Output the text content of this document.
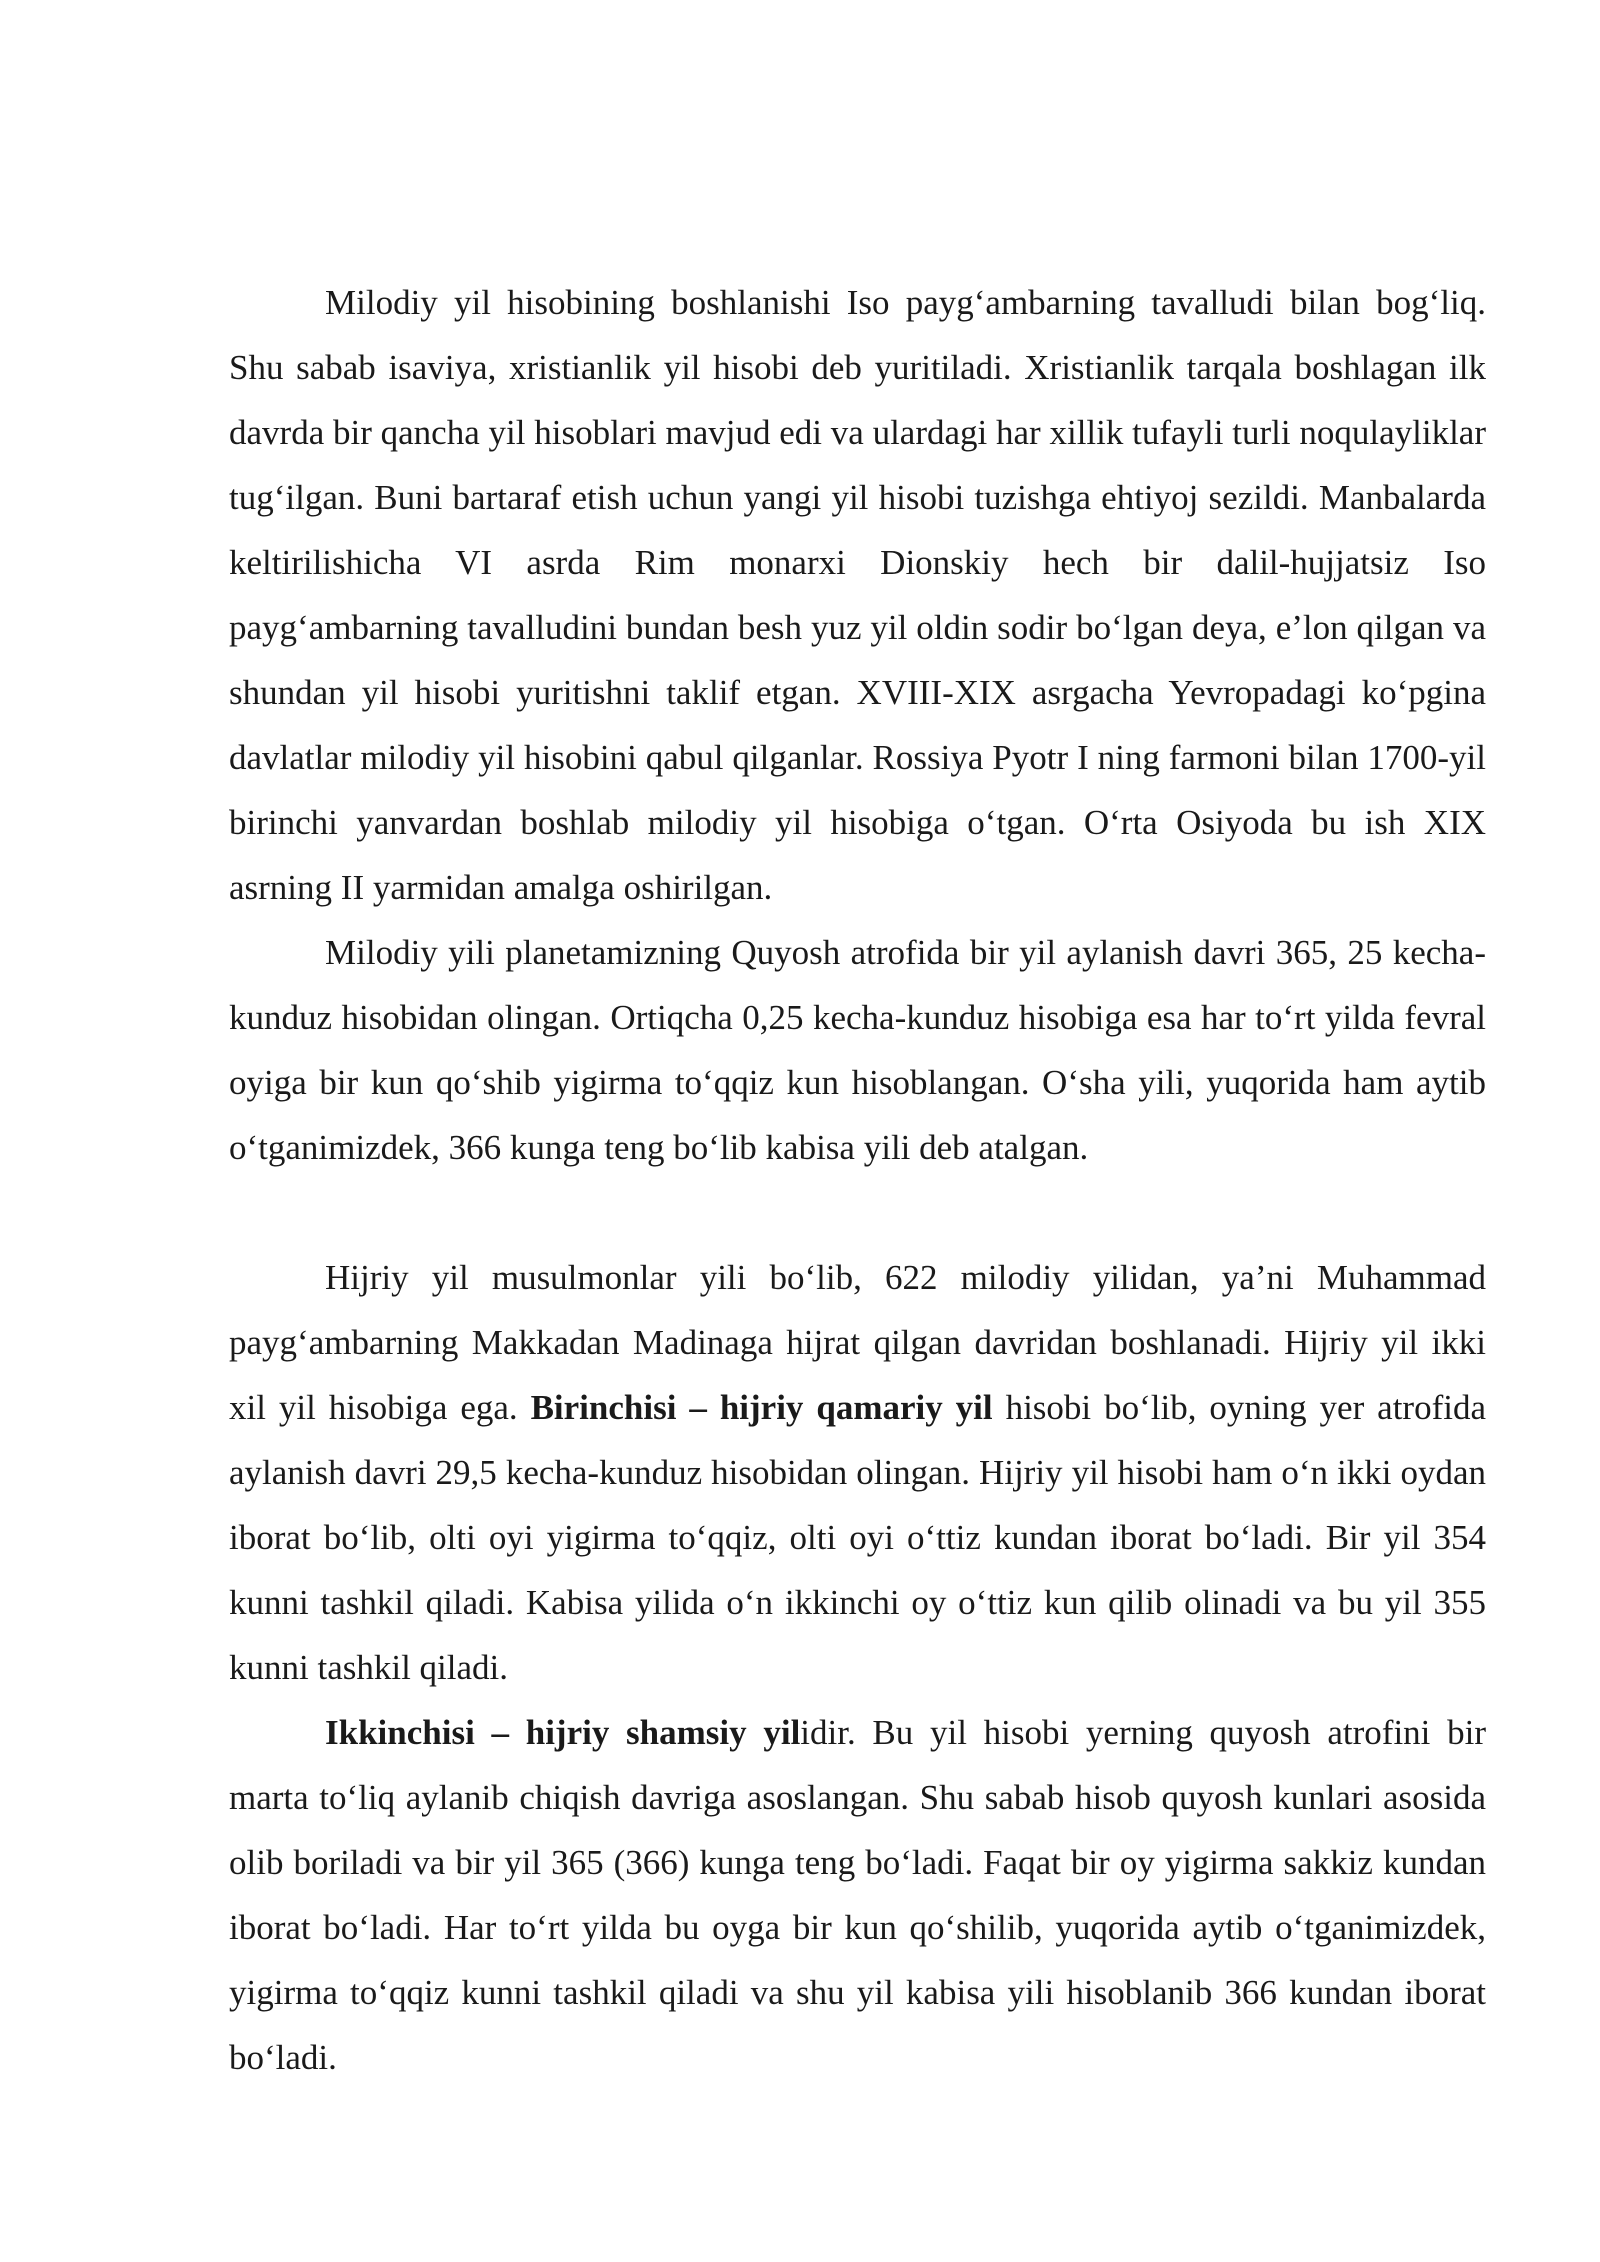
Milodiy yil hisobining boshlanishi Iso payg‘ambarning tavalludi bilan bog‘liq. Shu sabab isaviya, xristianlik yil hisobi deb yuritiladi. Xristianlik tarqala boshlagan ilk davrda bir qancha yil hisoblari mavjud edi va ulardagi har xillik tufayli turli noqulayliklar tug‘ilgan. Buni bartaraf etish uchun yangi yil hisobi tuzishga ehtiyoj sezildi. Manbalarda keltirilishicha VI asrda Rim monarxi Dionskiy hech bir dalil-hujjatsiz Iso payg‘ambarning tavalludini bundan besh yuz yil oldin sodir bo‘lgan deya, e’lon qilgan va shundan yil hisobi yuritishni taklif etgan. XVIII-XIX asrgacha Yevropadagi ko‘pgina davlatlar milodiy yil hisobini qabul qilganlar. Rossiya Pyotr I ning farmoni bilan 1700-yil birinchi yanvardan boshlab milodiy yil hisobiga o‘tgan. O‘rta Osiyoda bu ish XIX asrning II yarmidan amalga oshirilgan.

Milodiy yili planetamizning Quyosh atrofida bir yil aylanish davri 365, 25 kecha-kunduz hisobidan olingan. Ortiqcha 0,25 kecha-kunduz hisobiga esa har to‘rt yilda fevral oyiga bir kun qo‘shib yigirma to‘qqiz kun hisoblangan. O‘sha yili, yuqorida ham aytib o‘tganimizdek, 366 kunga teng bo‘lib kabisa yili deb atalgan.

Hijriy yil musulmonlar yili bo‘lib, 622 milodiy yilidan, ya’ni Muhammad payg‘ambarning Makkadan Madinaga hijrat qilgan davridan boshlanadi. Hijriy yil ikki xil yil hisobiga ega. Birinchisi – hijriy qamariy yil hisobi bo‘lib, oyning yer atrofida aylanish davri 29,5 kecha-kunduz hisobidan olingan. Hijriy yil hisobi ham o‘n ikki oydan iborat bo‘lib, olti oyi yigirma to‘qqiz, olti oyi o‘ttiz kundan iborat bo‘ladi. Bir yil 354 kunni tashkil qiladi. Kabisa yilida o‘n ikkinchi oy o‘ttiz kun qilib olinadi va bu yil 355 kunni tashkil qiladi.

Ikkinchisi – hijriy shamsiy yilidir. Bu yil hisobi yerning quyosh atrofini bir marta to‘liq aylanib chiqish davriga asoslangan. Shu sabab hisob quyosh kunlari asosida olib boriladi va bir yil 365 (366) kunga teng bo‘ladi. Faqat bir oy yigirma sakkiz kundan iborat bo‘ladi. Har to‘rt yilda bu oyga bir kun qo‘shilib, yuqorida aytib o‘tganimizdek, yigirma to‘qqiz kunni tashkil qiladi va shu yil kabisa yili hisoblanib 366 kundan iborat bo‘ladi.
